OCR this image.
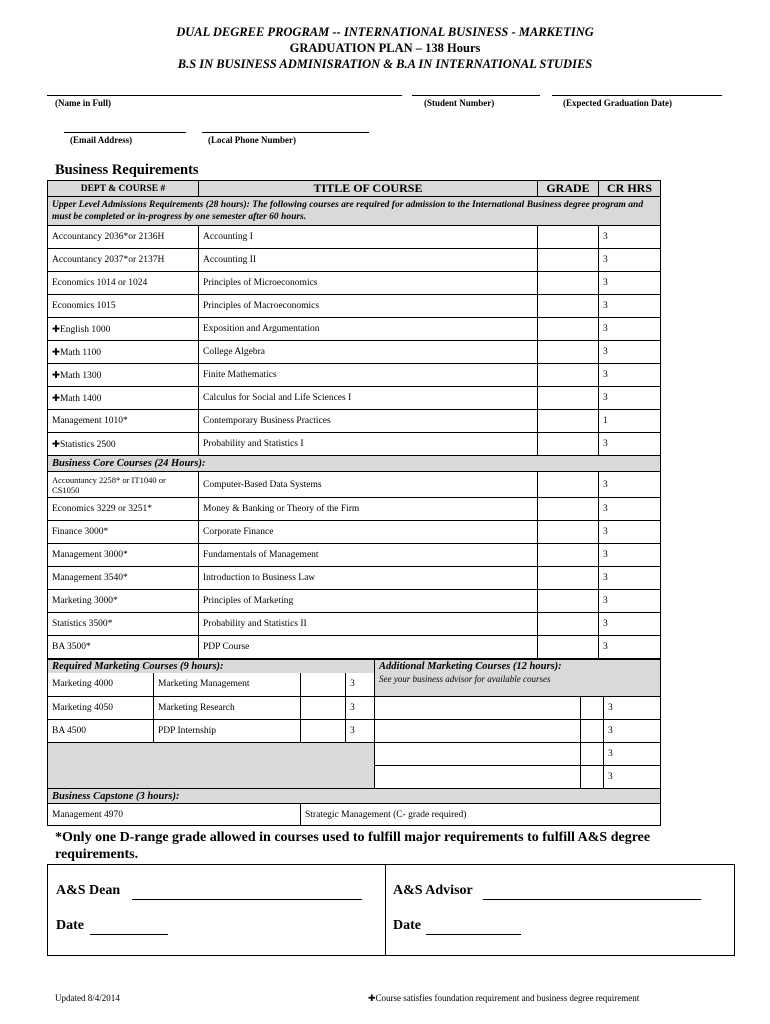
DUAL DEGREE PROGRAM -- INTERNATIONAL BUSINESS - MARKETING
GRADUATION PLAN – 138 Hours
B.S IN BUSINESS ADMINISRATION & B.A IN INTERNATIONAL STUDIES
(Name in Full)	(Student Number)	(Expected Graduation Date)
(Email Address)	(Local Phone Number)
Business Requirements
DEPT & COURSE #	TITLE OF COURSE	GRADE	CR HRS
Upper Level Admissions Requirements (28 hours): The following courses are required for admission to the International Business degree program and must be completed or in-progress by one semester after 60 hours.			
Accountancy 2036*or 2136H	Accounting I		3
Accountancy 2037*or 2137H	Accounting II		3
Economics 1014 or 1024	Principles of Microeconomics		3
Economics 1015	Principles of Macroeconomics		3
✚English 1000	Exposition and Argumentation		3
✚Math 1100	College Algebra		3
✚Math 1300	Finite Mathematics		3
✚Math 1400	Calculus for Social and Life Sciences I		3
Management 1010*	Contemporary Business Practices		1
✚Statistics 2500	Probability and Statistics I		3
Business Core Courses (24 Hours):			
Accountancy 2258* or IT1040 or CS1050	Computer-Based Data Systems		3
Economics 3229 or 3251*	Money & Banking or Theory of the Firm		3
Finance 3000*	Corporate Finance		3
Management 3000*	Fundamentals of Management		3
Management 3540*	Introduction to Business Law		3
Marketing 3000*	Principles of Marketing		3
Statistics 3500*	Probability and Statistics II		3
BA 3500*	PDP Course		3
Required Marketing Courses (9 hours):				Additional Marketing Courses (12 hours):		
Marketing 4000	Marketing Management		3	See your business advisor for available courses		
Marketing 4050	Marketing Research		3			3
BA 4500	PDP Internship		3			3
						3
						3
Business Capstone (3 hours):						
Management 4970		Strategic Management (C- grade required)				
*Only one D-range grade allowed in courses used to fulfill major requirements to fulfill A&S degree requirements.
A&S Dean
Date
A&S Advisor
Date
Updated 8/4/2014	✚Course satisfies foundation requirement and business degree requirement
